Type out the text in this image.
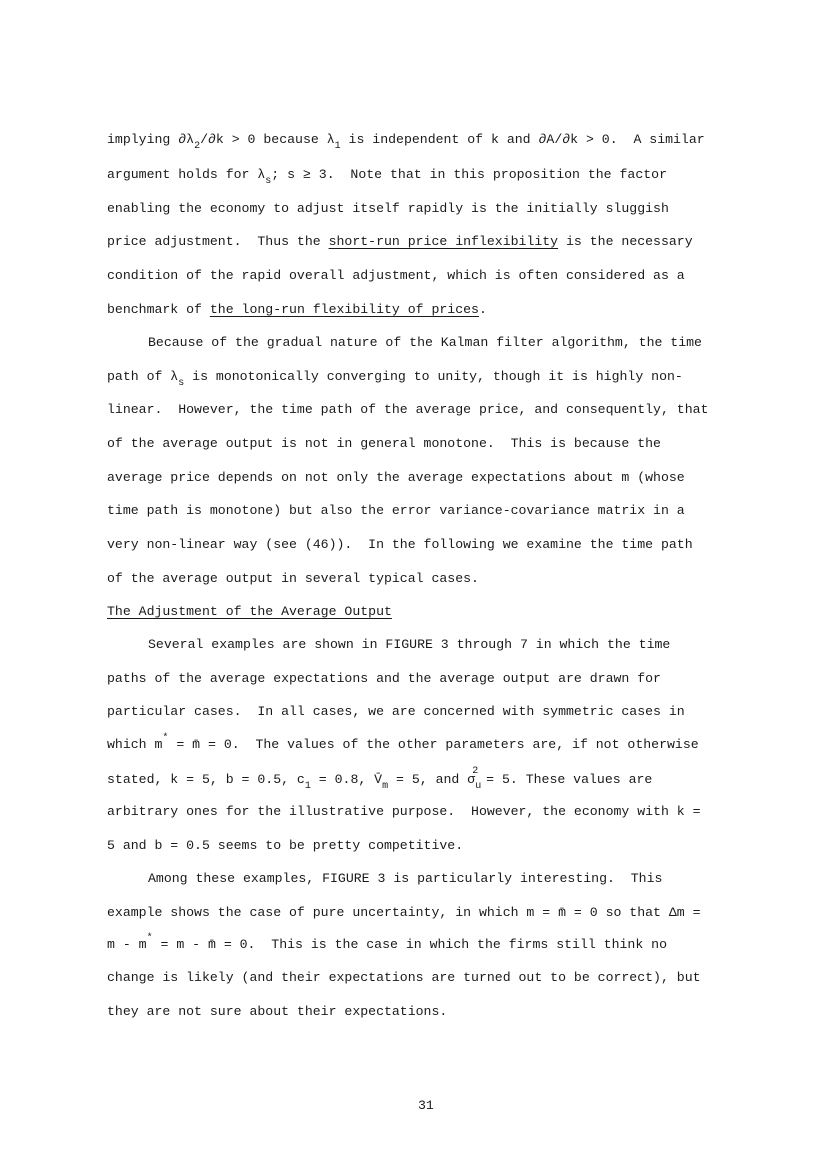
implying $\partial\lambda_2/\partial k > 0$ because $\lambda_1$ is independent of k and ∂A/∂k > 0.  A similar
argument holds for $\lambda_s$; s ≥ 3.  Note that in this proposition the factor
enabling the economy to adjust itself rapidly is the initially sluggish
price adjustment.  Thus the short-run price inflexibility is the necessary
condition of the rapid overall adjustment, which is often considered as a
benchmark of the long-run flexibility of prices.
Because of the gradual nature of the Kalman filter algorithm, the time
path of $\lambda_s$ is monotonically converging to unity, though it is highly non-
linear.  However, the time path of the average price, and consequently, that
of the average output is not in general monotone.  This is because the
average price depends on not only the average expectations about m (whose
time path is monotone) but also the error variance-covariance matrix in a
very non-linear way (see (46)).  In the following we examine the time path
of the average output in several typical cases.
The Adjustment of the Average Output
Several examples are shown in FIGURE 3 through 7 in which the time
paths of the average expectations and the average output are drawn for
particular cases.  In all cases, we are concerned with symmetric cases in
which m* = m̄ = 0.  The values of the other parameters are, if not otherwise
stated, k = 5, b = 0.5, $c_1 = 0.8$, $V̄_m = 5$, and $\sigma_u^2 = 5$. These values are
arbitrary ones for the illustrative purpose.  However, the economy with k =
5 and b = 0.5 seems to be pretty competitive.
Among these examples, FIGURE 3 is particularly interesting.  This
example shows the case of pure uncertainty, in which m = m̄ = 0 so that Δm =
m - m* = m - m̄ = 0.  This is the case in which the firms still think no
change is likely (and their expectations are turned out to be correct), but
they are not sure about their expectations.
31
